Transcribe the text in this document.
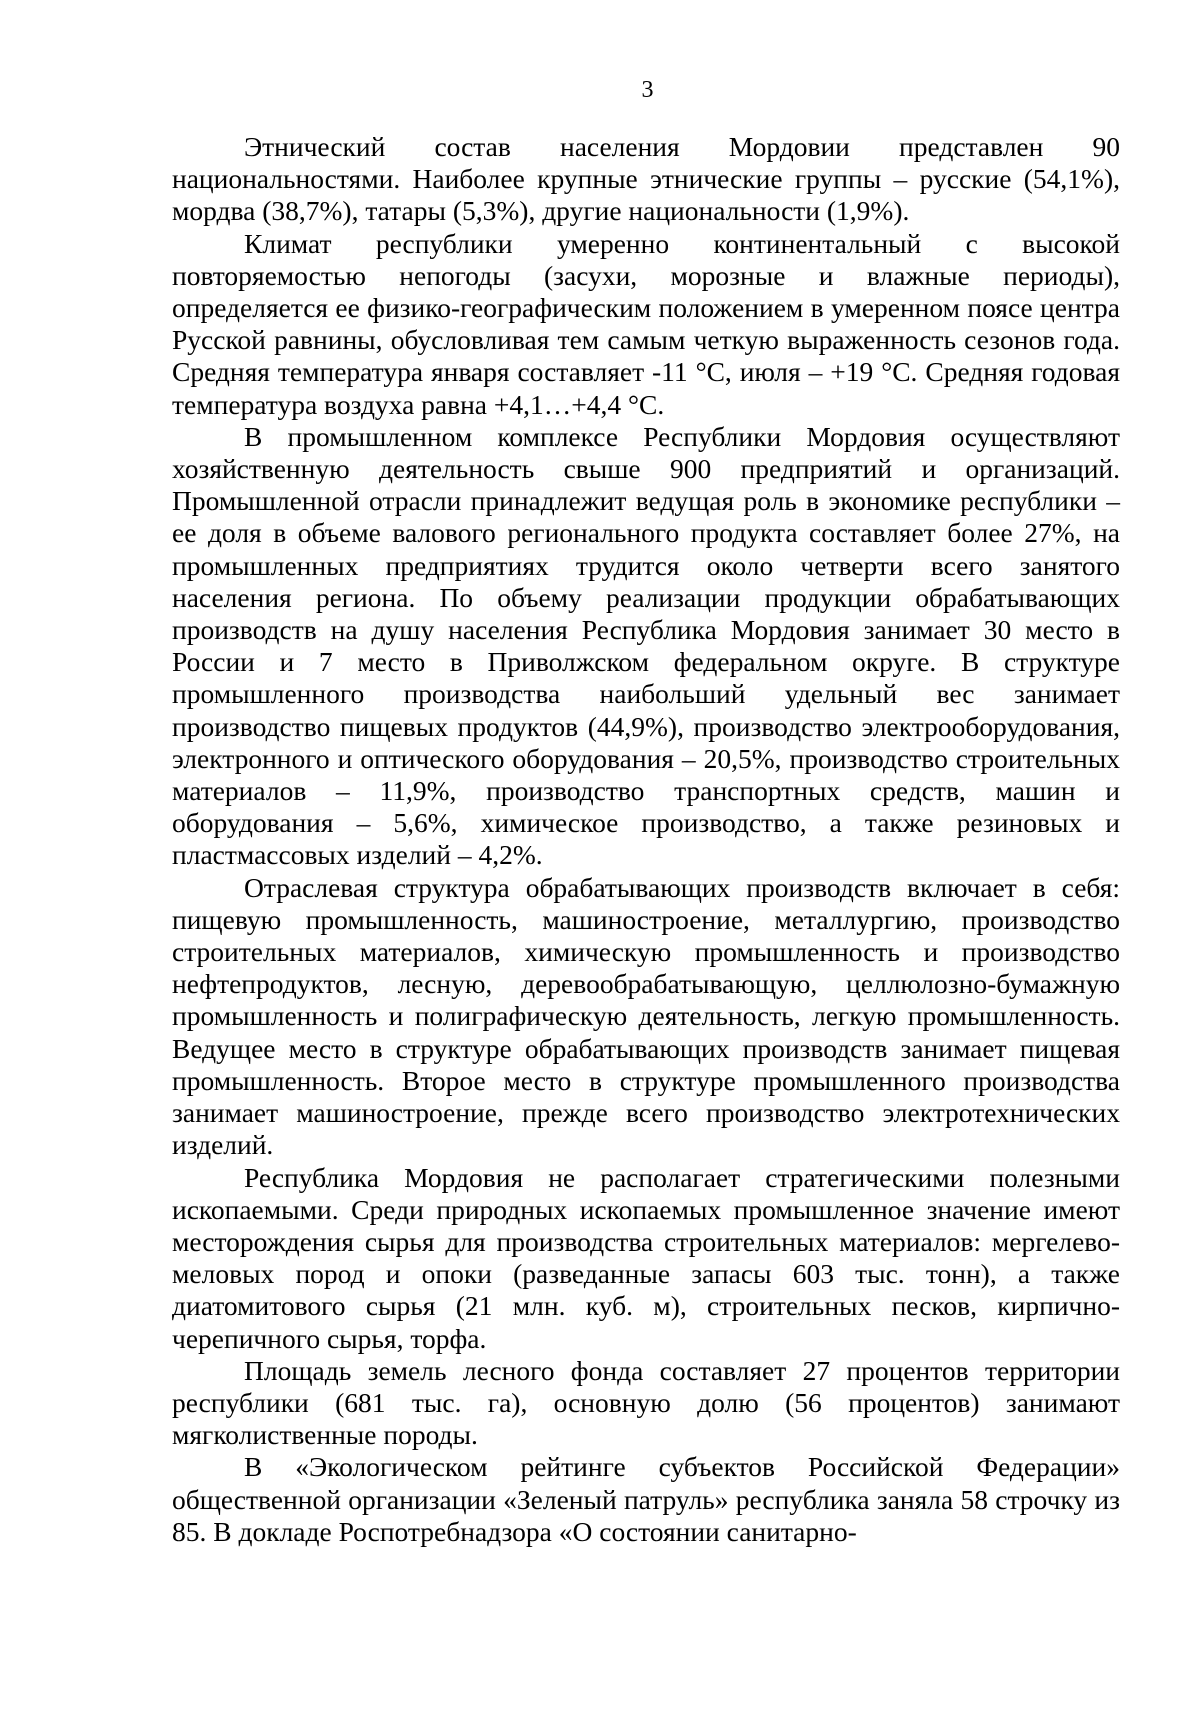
3

Этнический состав населения Мордовии представлен 90 национальностями. Наиболее крупные этнические группы – русские (54,1%), мордва (38,7%), татары (5,3%), другие национальности (1,9%).

Климат республики умеренно континентальный с высокой повторяемостью непогоды (засухи, морозные и влажные периоды), определяется ее физико-географическим положением в умеренном поясе центра Русской равнины, обусловливая тем самым четкую выраженность сезонов года. Средняя температура января составляет -11 °С, июля – +19 °С. Средняя годовая температура воздуха равна +4,1…+4,4 °С.

В промышленном комплексе Республики Мордовия осуществляют хозяйственную деятельность свыше 900 предприятий и организаций. Промышленной отрасли принадлежит ведущая роль в экономике республики – ее доля в объеме валового регионального продукта составляет более 27%, на промышленных предприятиях трудится около четверти всего занятого населения региона. По объему реализации продукции обрабатывающих производств на душу населения Республика Мордовия занимает 30 место в России и 7 место в Приволжском федеральном округе. В структуре промышленного производства наибольший удельный вес занимает производство пищевых продуктов (44,9%), производство электрооборудования, электронного и оптического оборудования – 20,5%, производство строительных материалов – 11,9%, производство транспортных средств, машин и оборудования – 5,6%, химическое производство, а также резиновых и пластмассовых изделий – 4,2%.

Отраслевая структура обрабатывающих производств включает в себя: пищевую промышленность, машиностроение, металлургию, производство строительных материалов, химическую промышленность и производство нефтепродуктов, лесную, деревообрабатывающую, целлюлозно-бумажную промышленность и полиграфическую деятельность, легкую промышленность. Ведущее место в структуре обрабатывающих производств занимает пищевая промышленность. Второе место в структуре промышленного производства занимает машиностроение, прежде всего производство электротехнических изделий.

Республика Мордовия не располагает стратегическими полезными ископаемыми. Среди природных ископаемых промышленное значение имеют месторождения сырья для производства строительных материалов: мергелево-меловых пород и опоки (разведанные запасы 603 тыс. тонн), а также диатомитового сырья (21 млн. куб. м), строительных песков, кирпично-черепичного сырья, торфа.

Площадь земель лесного фонда составляет 27 процентов территории республики (681 тыс. га), основную долю (56 процентов) занимают мягколиственные породы.

В «Экологическом рейтинге субъектов Российской Федерации» общественной организации «Зеленый патруль» республика заняла 58 строчку из 85. В докладе Роспотребнадзора «О состоянии санитарно-
